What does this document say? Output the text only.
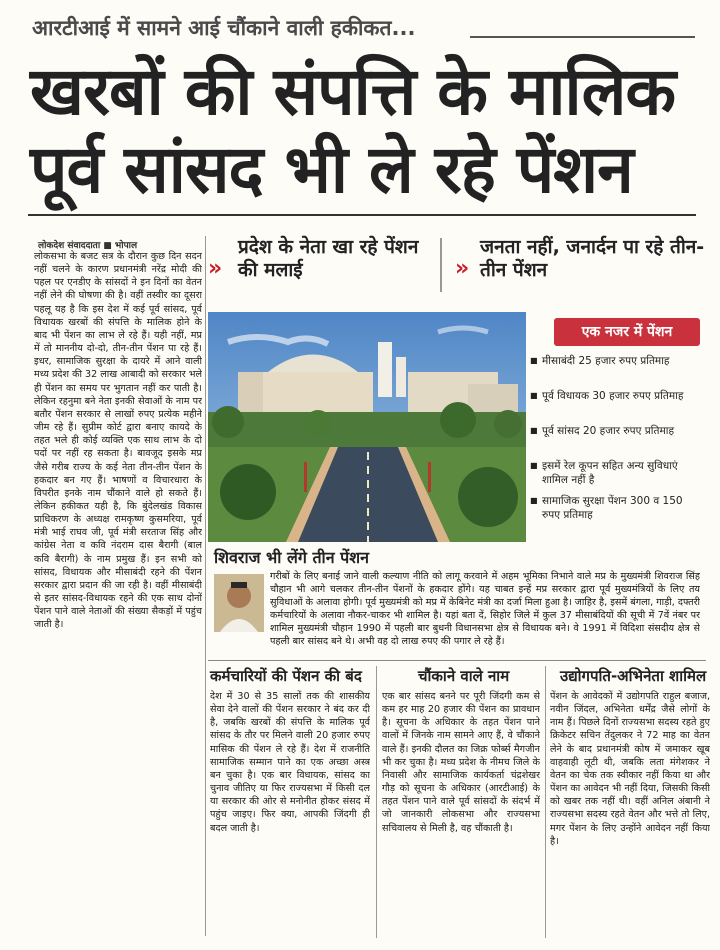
आरटीआई में सामने आई चौंकाने वाली हकीकत...
खरबों की संपत्ति के मालिक
पूर्व सांसद भी ले रहे पेंशन
लोकदेश संवाददाता ■ भोपाल
लोकसभा के बजट सत्र के दौरान कुछ दिन सदन नहीं चलने के कारण प्रधानमंत्री नरेंद्र मोदी की पहल पर एनडीए के सांसदों ने इन दिनों का वेतन नहीं लेने की घोषणा की है। वहीं तस्वीर का दूसरा पहलू यह है कि इस देश में कई पूर्व सांसद, पूर्व विधायक खरबों की संपत्ति के मालिक होने के बाद भी पेंशन का लाभ ले रहे हैं। यही नहीं, मप्र में तो माननीय दो-दो, तीन-तीन पेंशन पा रहे हैं। इधर, सामाजिक सुरक्षा के दायरे में आने वाली मध्य प्रदेश की 32 लाख आबादी को सरकार भले ही पेंशन का समय पर भुगतान नहीं कर पाती है। लेकिन रहनुमा बने नेता इनकी सेवाओं के नाम पर बतौर पेंशन सरकार से लाखों रुपए प्रत्येक महीने जीम रहे हैं। सुप्रीम कोर्ट द्वारा बनाए कायदे के तहत भले ही कोई व्यक्ति एक साथ लाभ के दो पदों पर नहीं रह सकता है। बावजूद इसके मप्र जैसे गरीब राज्य के कई नेता तीन-तीन पेंशन के हकदार बन गए हैं। भाषणों व विचारधारा के विपरीत इनके नाम चौंकाने वाले हो सकते हैं। लेकिन हकीकत यही है, कि बुंदेलखंड विकास प्राधिकरण के अध्यक्ष रामकृष्ण कुसमरिया, पूर्व मंत्री भाई राघव जी, पूर्व मंत्री सरताज सिंह और कांग्रेस नेता व कवि नंदराम दास बैरागी (बाल कवि बैरागी) के नाम प्रमुख हैं। इन सभी को सांसद, विधायक और मीसाबंदी रहने की पेंशन सरकार द्वारा प्रदान की जा रही है। वहीं मीसाबंदी से इतर सांसद-विधायक रहने की एक साथ दोनों पेंशन पाने वाले नेताओं की संख्या सैकड़ों में पहुंच जाती है।
»
प्रदेश के नेता खा रहे पेंशन की मलाई	»
जनता नहीं, जनार्दन पा रहे तीन-तीन पेंशन
एक नजर में पेंशन
■ मीसाबंदी 25 हजार रुपए प्रतिमाह
■ पूर्व विधायक 30 हजार रुपए प्रतिमाह
■ पूर्व सांसद 20 हजार रुपए प्रतिमाह
■ इसमें रेल कूपन सहित अन्य सुविधाएं शामिल नहीं है
■ सामाजिक सुरक्षा पेंशन 300 व 150 रुपए प्रतिमाह
शिवराज भी लेंगे तीन पेंशन
गरीबों के लिए बनाई जाने वाली कल्याण नीति को लागू करवाने में अहम भूमिका निभाने वाले मप्र के मुख्यमंत्री शिवराज सिंह चौहान भी आगे चलकर तीन-तीन पेंशनों के हकदार होंगे। यह चाबत इन्हें मप्र सरकार द्वारा पूर्व मुख्यमंत्रियों के लिए तय सुविधाओं के अलावा होगी। पूर्व मुख्यमंत्री को मप्र में केबिनेट मंत्री का दर्जा मिला हुआ है। जाहिर है, इसमें बंगला, गाड़ी, दफ्तरी कर्मचारियों के अलावा नौकर-चाकर भी शामिल है। यहां बता दें, सिहोर जिले में कुल 37 मीसाबंदियों की सूची में 7वें नंबर पर शामिल मुख्यमंत्री चौहान 1990 में पहली बार बुधनी विधानसभा क्षेत्र से विधायक बने। वे 1991 में विदिशा संसदीय क्षेत्र से पहली बार सांसद बने थे। अभी वह दो लाख रुपए की पगार ले रहे हैं।
कर्मचारियों की पेंशन की बंद	चौंकाने वाले नाम	उद्योगपति-अभिनेता शामिल
देश में 30 से 35 सालों तक की शासकीय सेवा देने वालों की पेंशन सरकार ने बंद कर दी है, जबकि खरबों की संपत्ति के मालिक पूर्व सांसद के तौर पर मिलने वाली 20 हजार रुपए मासिक की पेंशन ले रहे हैं। देश में राजनीति सामाजिक सम्मान पाने का एक अच्छा अस्त्र बन चुका है। एक बार विधायक, सांसद का चुनाव जीतिए या फिर राज्यसभा में किसी दल या सरकार की ओर से मनोनीत होकर संसद में पहुंच जाइए। फिर क्या, आपकी जिंदगी ही बदल जाती है।
एक बार सांसद बनने पर पूरी जिंदगी कम से कम हर माह 20 हजार की पेंशन का प्रावधान है। सूचना के अधिकार के तहत पेंशन पाने वालों में जिनके नाम सामने आए हैं, वे चौंकाने वाले हैं। इनकी दौलत का जिक्र फोर्ब्स मैगजीन भी कर चुका है। मध्य प्रदेश के नीमच जिले के निवासी और सामाजिक कार्यकर्ता चंद्रशेखर गौड़ को सूचना के अधिकार (आरटीआई) के तहत पेंशन पाने वाले पूर्व सांसदों के संदर्भ में जो जानकारी लोकसभा और राज्यसभा सचिवालय से मिली है, वह चौंकाती है।
पेंशन के आवेदकों में उद्योगपति राहुल बजाज, नवीन जिंदल, अभिनेता धर्मेंद्र जैसे लोगों के नाम हैं। पिछले दिनों राज्यसभा सदस्य रहते हुए क्रिकेटर सचिन तेंदुलकर ने 72 माह का वेतन लेने के बाद प्रधानमंत्री कोष में जमाकर खूब वाहवाही लूटी थी, जबकि लता मंगेशकर ने वेतन का चेक तक स्वीकार नहीं किया था और पेंशन का आवेदन भी नहीं दिया, जिसकी किसी को खबर तक नहीं थी। वहीं अनिल अंबानी ने राज्यसभा सदस्य रहते वेतन और भत्ते तो लिए, मगर पेंशन के लिए उन्होंने आवेदन नहीं किया है।
